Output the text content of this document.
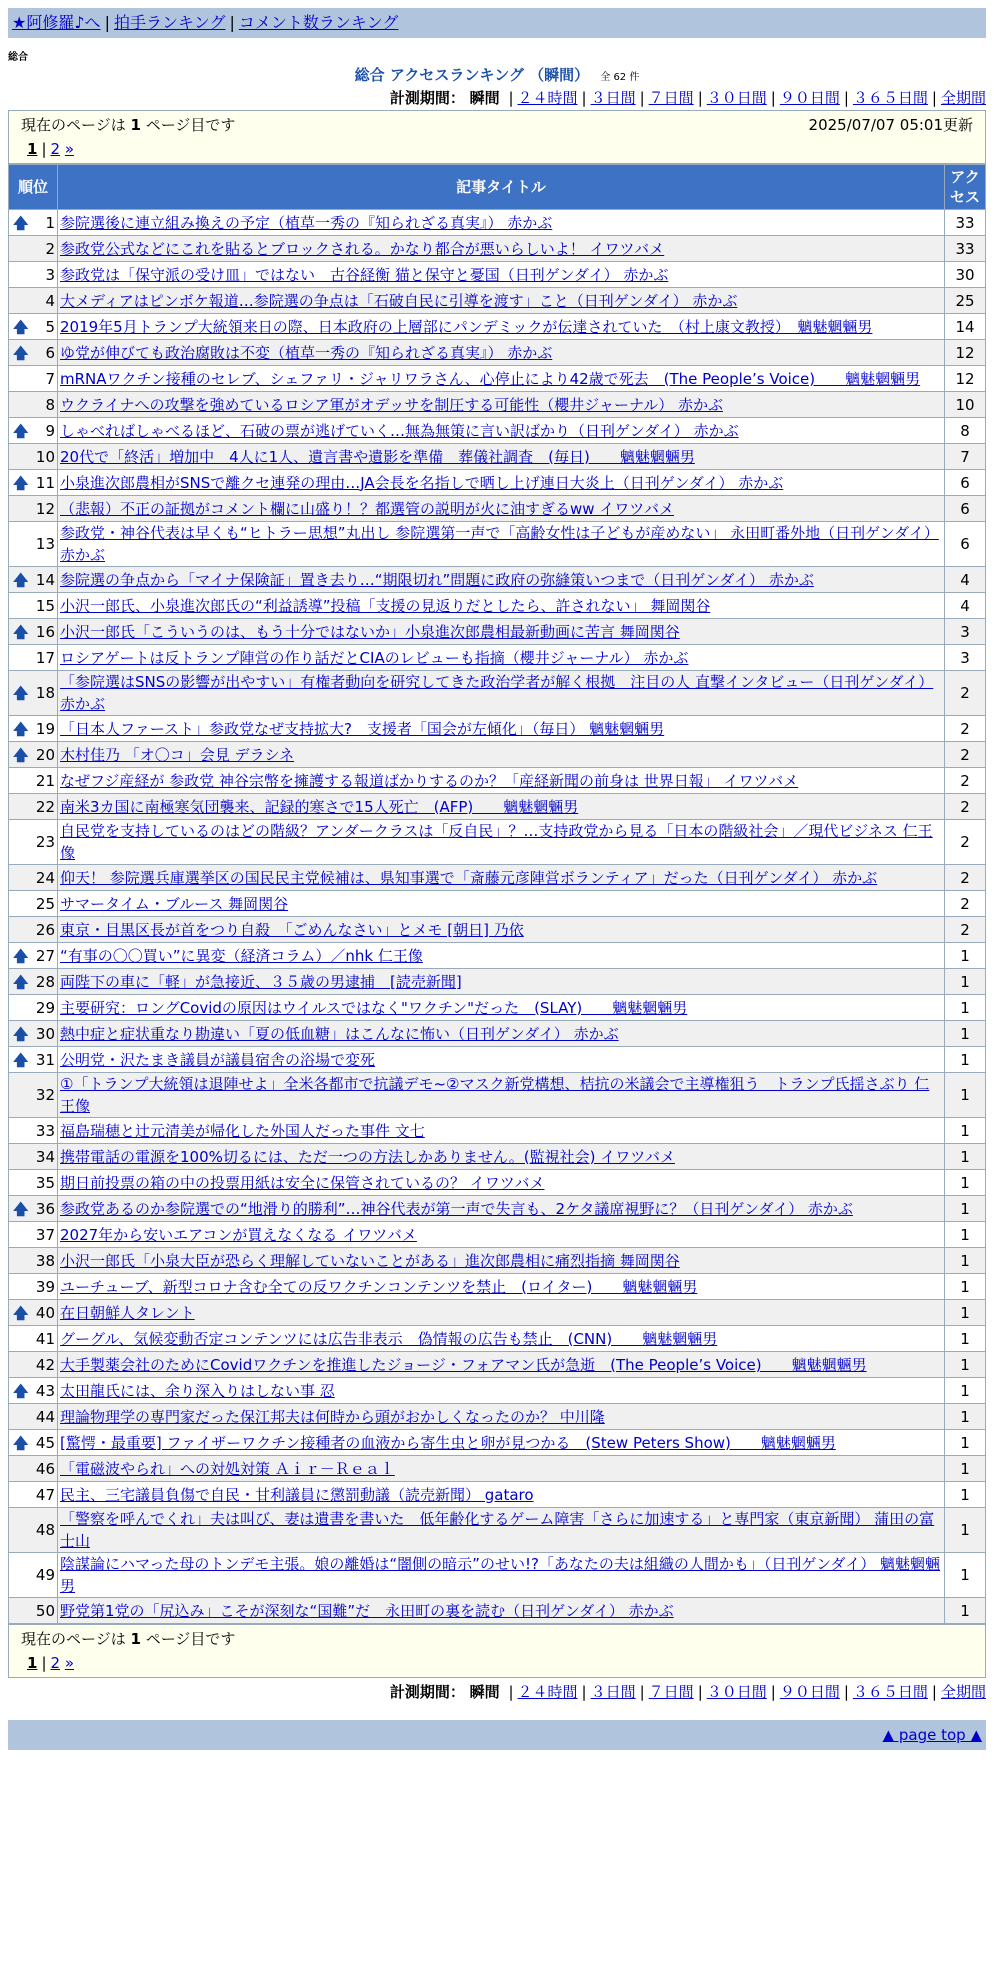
★阿修羅♪へ | 拍手ランキング | コメント数ランキング
総合
総合 アクセスランキング （瞬間） 全 62 件
計測期間： 瞬間 | ２４時間 | ３日間 | ７日間 | ３０日間 | ９０日間 | ３６５日間 | 全期間
現在のページは 1 ページ目です	2025/07/07 05:01更新
1 | 2 »
順位	記事タイトル	アクセス

🡅 1	参院選後に連立組み換えの予定（植草一秀の『知られざる真実』） 赤かぶ	33
2	参政党公式などにこれを貼るとブロックされる。かなり都合が悪いらしいよ！ イワツバメ	33
3	参政党は「保守派の受け皿」ではない　古谷経衡 猫と保守と憂国（日刊ゲンダイ） 赤かぶ	30
4	大メディアはピンボケ報道…参院選の争点は「石破自民に引導を渡す」こと（日刊ゲンダイ） 赤かぶ	25

🡅 5	2019年5月トランプ大統領来日の際、日本政府の上層部にパンデミックが伝達されていた　（村上康文教授）　魑魅魍魎男	14

🡅 6	ゆ党が伸びても政治腐敗は不変（植草一秀の『知られざる真実』） 赤かぶ	12
7	mRNAワクチン接種のセレブ、シェファリ・ジャリワラさん、心停止により42歳で死去　(The People’s Voice)　　魑魅魍魎男	12
8	ウクライナへの攻撃を強めているロシア軍がオデッサを制圧する可能性（櫻井ジャーナル） 赤かぶ	10

🡅 9	しゃべればしゃべるほど、石破の票が逃げていく…無為無策に言い訳ばかり（日刊ゲンダイ） 赤かぶ	8
10	20代で「終活」増加中　4人に1人、遺言書や遺影を準備　葬儀社調査　(毎日)　　魑魅魍魎男	7

🡅 11	小泉進次郎農相がSNSで離クセ連発の理由…JA会長を名指しで晒し上げ連日大炎上（日刊ゲンダイ） 赤かぶ	6
12	（悲報）不正の証拠がコメント欄に山盛り！？都選管の説明が火に油すぎるww イワツバメ	6
13	参政党・神谷代表は早くも“ヒトラー思想”丸出し 参院選第一声で「高齢女性は子どもが産めない」 永田町番外地（日刊ゲンダイ） 赤かぶ	6

🡅 14	参院選の争点から「マイナ保険証」置き去り…“期限切れ”問題に政府の弥縫策いつまで（日刊ゲンダイ） 赤かぶ	4
15	小沢一郎氏、小泉進次郎氏の“利益誘導”投稿「支援の見返りだとしたら、許されない」 舞岡関谷	4

🡅 16	小沢一郎氏「こういうのは、もう十分ではないか」小泉進次郎農相最新動画に苦言 舞岡関谷	3
17	ロシアゲートは反トランプ陣営の作り話だとCIAのレビューも指摘（櫻井ジャーナル） 赤かぶ	3

🡅 18	「参院選はSNSの影響が出やすい」有権者動向を研究してきた政治学者が解く根拠　注目の人 直撃インタビュー（日刊ゲンダイ） 赤かぶ	2

🡅 19	「日本人ファースト」参政党なぜ支持拡大?　支援者「国会が左傾化」（毎日） 魑魅魍魎男	2

🡅 20	木村佳乃 「オ〇コ」会見 デラシネ	2
21	なぜフジ産経が 参政党 神谷宗幣を擁護する報道ばかりするのか？「産経新聞の前身は 世界日報」 イワツバメ	2
22	南米3カ国に南極寒気団襲来、記録的寒さで15人死亡　(AFP)　　魑魅魍魎男	2
23	自民党を支持しているのはどの階級？アンダークラスは「反自民」？…支持政党から見る「日本の階級社会」／現代ビジネス 仁王像	2
24	仰天！ 参院選兵庫選挙区の国民民主党候補は、県知事選で「斎藤元彦陣営ボランティア」だった（日刊ゲンダイ） 赤かぶ	2
25	サマータイム・ブルース 舞岡関谷	2
26	東京・目黒区長が首をつり自殺　「ごめんなさい」とメモ [朝日] 乃依	2

🡅 27	“有事の〇〇買い”に異変（経済コラム）／nhk 仁王像	1

🡅 28	両陛下の車に「軽」が急接近、３５歳の男逮捕　[読売新聞]	1
29	主要研究：ロングCovidの原因はウイルスではなく"ワクチン"だった　(SLAY)　　魑魅魍魎男	1

🡅 30	熱中症と症状重なり勘違い「夏の低血糖」はこんなに怖い（日刊ゲンダイ） 赤かぶ	1

🡅 31	公明党・沢たまき議員が議員宿舎の浴場で変死	1
32	①「トランプ大統領は退陣せよ」全米各都市で抗議デモ~②マスク新党構想、桔抗の米議会で主導権狙う　トランプ氏揺さぶり 仁王像	1
33	福島瑞穂と辻元清美が帰化した外国人だった事件 文七	1
34	携帯電話の電源を100%切るには、ただ一つの方法しかありません。(監視社会) イワツバメ	1
35	期日前投票の箱の中の投票用紙は安全に保管されているの？ イワツバメ	1

🡅 36	参政党あるのか参院選での“地滑り的勝利”…神谷代表が第一声で失言も、2ケタ議席視野に？（日刊ゲンダイ） 赤かぶ	1
37	2027年から安いエアコンが買えなくなる イワツバメ	1
38	小沢一郎氏「小泉大臣が恐らく理解していないことがある」進次郎農相に痛烈指摘 舞岡関谷	1
39	ユーチューブ、新型コロナ含む全ての反ワクチンコンテンツを禁止　(ロイター)　　魑魅魍魎男	1

🡅 40	在日朝鮮人タレント	1
41	グーグル、気候変動否定コンテンツには広告非表示　偽情報の広告も禁止　(CNN)　　魑魅魍魎男	1
42	大手製薬会社のためにCovidワクチンを推進したジョージ・フォアマン氏が急逝　(The People’s Voice)　　魑魅魍魎男	1

🡅 43	太田龍氏には、余り深入りはしない事 忍	1
44	理論物理学の専門家だった保江邦夫は何時から頭がおかしくなったのか？ 中川隆	1

🡅 45	[驚愕・最重要] ファイザーワクチン接種者の血液から寄生虫と卵が見つかる　(Stew Peters Show)　　魑魅魍魎男	1
46	「電磁波やられ」への対処対策 Ａｉｒ－Ｒｅａｌ	1
47	民主、三宅議員負傷で自民・甘利議員に懲罰動議（読売新聞） gataro	1
48	「警察を呼んでくれ」夫は叫び、妻は遺書を書いた　低年齢化するゲーム障害「さらに加速する」と専門家（東京新聞） 蒲田の富士山	1
49	陰謀論にハマった母のトンデモ主張。娘の離婚は“闇側の暗示”のせい!?「あなたの夫は組織の人間かも」（日刊ゲンダイ） 魑魅魍魎男	1
50	野党第1党の「尻込み」こそが深刻な“国難”だ　永田町の裏を読む（日刊ゲンダイ） 赤かぶ	1
現在のページは 1 ページ目です
1 | 2 »
計測期間： 瞬間 | ２４時間 | ３日間 | ７日間 | ３０日間 | ９０日間 | ３６５日間 | 全期間
▲ page top ▲
